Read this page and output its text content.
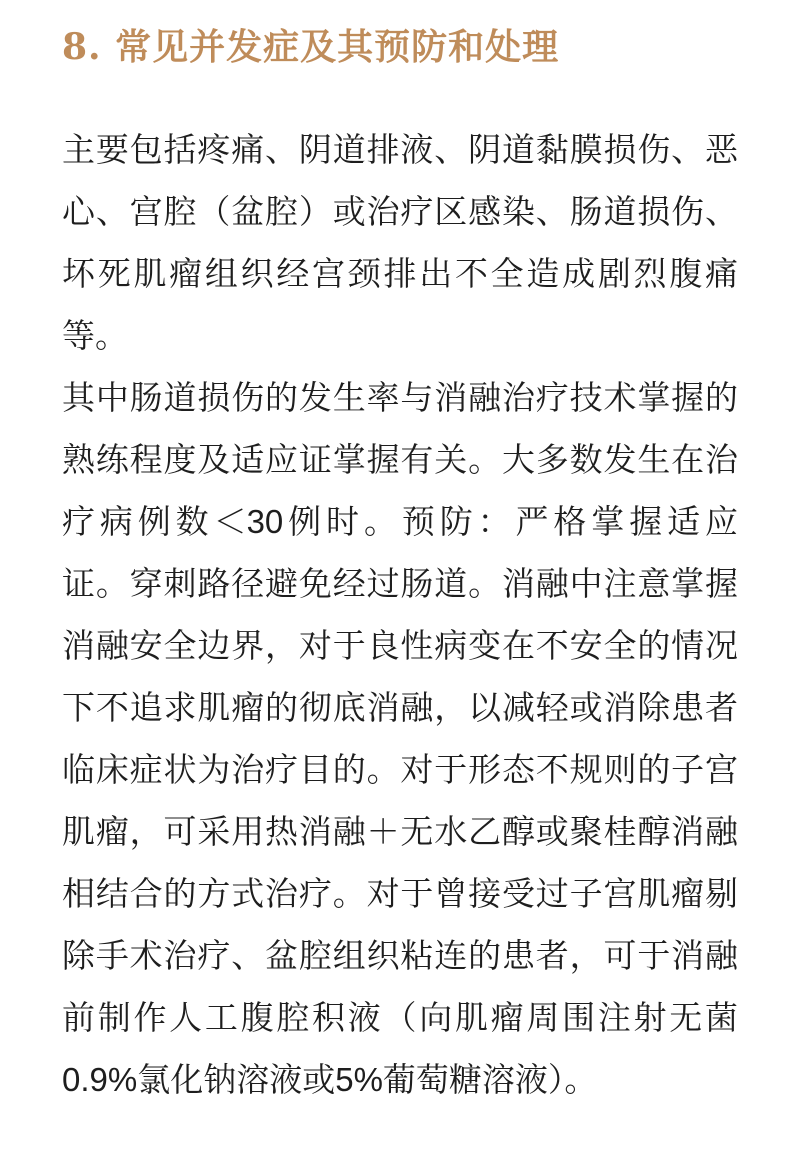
8. 常见并发症及其预防和处理

主要包括疼痛、阴道排液、阴道黏膜损伤、恶
心、宫腔（盆腔）或治疗区感染、肠道损伤、
坏死肌瘤组织经宫颈排出不全造成剧烈腹痛
等。

其中肠道损伤的发生率与消融治疗技术掌握的
熟练程度及适应证掌握有关。大多数发生在治
疗病例数＜30例时。预防：严格掌握适应
证。穿刺路径避免经过肠道。消融中注意掌握
消融安全边界，对于良性病变在不安全的情况
下不追求肌瘤的彻底消融，以减轻或消除患者
临床症状为治疗目的。对于形态不规则的子宫
肌瘤，可采用热消融＋无水乙醇或聚桂醇消融
相结合的方式治疗。对于曾接受过子宫肌瘤剔
除手术治疗、盆腔组织粘连的患者，可于消融
前制作人工腹腔积液（向肌瘤周围注射无菌
0.9%氯化钠溶液或5%葡萄糖溶液）。
